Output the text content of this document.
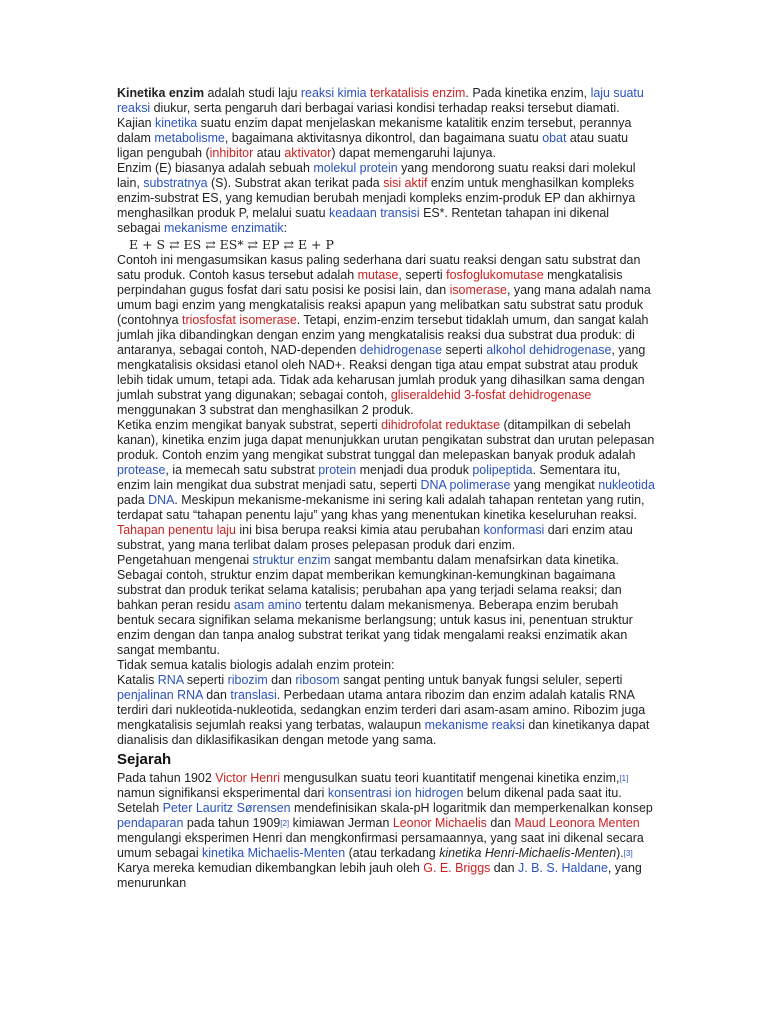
Kinetika enzim adalah studi laju reaksi kimia terkatalisis enzim. Pada kinetika enzim, laju suatu reaksi diukur, serta pengaruh dari berbagai variasi kondisi terhadap reaksi tersebut diamati. Kajian kinetika suatu enzim dapat menjelaskan mekanisme katalitik enzim tersebut, perannya dalam metabolisme, bagaimana aktivitasnya dikontrol, dan bagaimana suatu obat atau suatu ligan pengubah (inhibitor atau aktivator) dapat memengaruhi lajunya.

Enzim (E) biasanya adalah sebuah molekul protein yang mendorong suatu reaksi dari molekul lain, substratnya (S). Substrat akan terikat pada sisi aktif enzim untuk menghasilkan kompleks enzim-substrat ES, yang kemudian berubah menjadi kompleks enzim-produk EP dan akhirnya menghasilkan produk P, melalui suatu keadaan transisi ES*. Rentetan tahapan ini dikenal sebagai mekanisme enzimatik:

E + S ⇄ ES ⇄ ES* ⇄ EP ⇄ E + P

Contoh ini mengasumsikan kasus paling sederhana dari suatu reaksi dengan satu substrat dan satu produk. Contoh kasus tersebut adalah mutase, seperti fosfoglukomutase mengkatalisis perpindahan gugus fosfat dari satu posisi ke posisi lain, dan isomerase, yang mana adalah nama umum bagi enzim yang mengkatalisis reaksi apapun yang melibatkan satu substrat satu produk (contohnya triosfosfat isomerase. Tetapi, enzim-enzim tersebut tidaklah umum, dan sangat kalah jumlah jika dibandingkan dengan enzim yang mengkatalisis reaksi dua substrat dua produk: di antaranya, sebagai contoh, NAD-dependen dehidrogenase seperti alkohol dehidrogenase, yang mengkatalisis oksidasi etanol oleh NAD+. Reaksi dengan tiga atau empat substrat atau produk lebih tidak umum, tetapi ada. Tidak ada keharusan jumlah produk yang dihasilkan sama dengan jumlah substrat yang digunakan; sebagai contoh, gliseraldehid 3-fosfat dehidrogenase menggunakan 3 substrat dan menghasilkan 2 produk.

Ketika enzim mengikat banyak substrat, seperti dihidrofolat reduktase (ditampilkan di sebelah kanan), kinetika enzim juga dapat menunjukkan urutan pengikatan substrat dan urutan pelepasan produk. Contoh enzim yang mengikat substrat tunggal dan melepaskan banyak produk adalah protease, ia memecah satu substrat protein menjadi dua produk polipeptida. Sementara itu, enzim lain mengikat dua substrat menjadi satu, seperti DNA polimerase yang mengikat nukleotida pada DNA. Meskipun mekanisme-mekanisme ini sering kali adalah tahapan rentetan yang rutin, terdapat satu “tahapan penentu laju” yang khas yang menentukan kinetika keseluruhan reaksi. Tahapan penentu laju ini bisa berupa reaksi kimia atau perubahan konformasi dari enzim atau substrat, yang mana terlibat dalam proses pelepasan produk dari enzim.

Pengetahuan mengenai struktur enzim sangat membantu dalam menafsirkan data kinetika. Sebagai contoh, struktur enzim dapat memberikan kemungkinan-kemungkinan bagaimana substrat dan produk terikat selama katalisis; perubahan apa yang terjadi selama reaksi; dan bahkan peran residu asam amino tertentu dalam mekanismenya. Beberapa enzim berubah bentuk secara signifikan selama mekanisme berlangsung; untuk kasus ini, penentuan struktur enzim dengan dan tanpa analog substrat terikat yang tidak mengalami reaksi enzimatik akan sangat membantu.

Tidak semua katalis biologis adalah enzim protein:

Katalis RNA seperti ribozim dan ribosom sangat penting untuk banyak fungsi seluler, seperti penjalinan RNA dan translasi. Perbedaan utama antara ribozim dan enzim adalah katalis RNA terdiri dari nukleotida-nukleotida, sedangkan enzim terderi dari asam-asam amino. Ribozim juga mengkatalisis sejumlah reaksi yang terbatas, walaupun mekanisme reaksi dan kinetikanya dapat dianalisis dan diklasifikasikan dengan metode yang sama.

Sejarah

Pada tahun 1902 Victor Henri mengusulkan suatu teori kuantitatif mengenai kinetika enzim,[1] namun signifikansi eksperimental dari konsentrasi ion hidrogen belum dikenal pada saat itu. Setelah Peter Lauritz Sørensen mendefinisikan skala-pH logaritmik dan memperkenalkan konsep pendaparan pada tahun 1909[2] kimiawan Jerman Leonor Michaelis dan Maud Leonora Menten mengulangi eksperimen Henri dan mengkonfirmasi persamaannya, yang saat ini dikenal secara umum sebagai kinetika Michaelis-Menten (atau terkadang kinetika Henri-Michaelis-Menten).[3] Karya mereka kemudian dikembangkan lebih jauh oleh G. E. Briggs dan J. B. S. Haldane, yang menurunkan
